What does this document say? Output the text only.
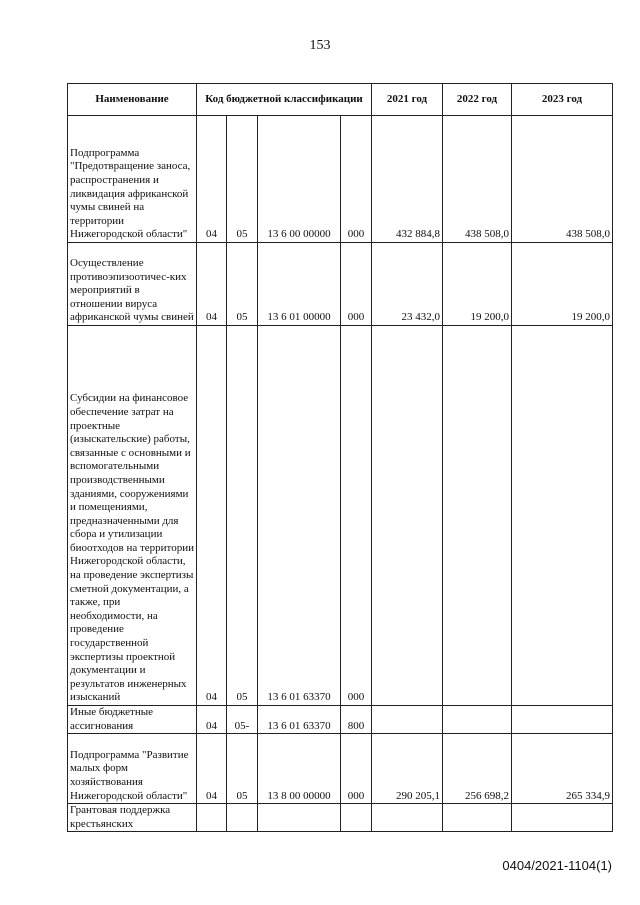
153
Наименование	Код бюджетной классификации				2021 год	2022 год	2023 год
Подпрограмма "Предотвращение заноса, распространения и ликвидация африканской чумы свиней на территории Нижегородской области"	04	05	13 6 00 00000	000	432 884,8	438 508,0	438 508,0
Осуществление противоэпизоотичес-ких мероприятий в отношении вируса африканской чумы свиней	04	05	13 6 01 00000	000	23 432,0	19 200,0	19 200,0
Субсидии на финансовое обеспечение затрат на проектные (изыскательские) работы, связанные с основными и вспомогательными производственными зданиями, сооружениями и помещениями, предназначенными для сбора и утилизации биоотходов на территории Нижегородской области, на проведение экспертизы сметной документации, а также, при необходимости, на проведение государственной экспертизы проектной документации и результатов инженерных изысканий	04	05	13 6 01 63370	000			
Иные бюджетные ассигнования	04	05-	13 6 01 63370	800			
Подпрограмма "Развитие малых форм хозяйствования Нижегородской области"	04	05	13 8 00 00000	000	290 205,1	256 698,2	265 334,9
Грантовая поддержка крестьянских							
0404/2021-1104(1)
